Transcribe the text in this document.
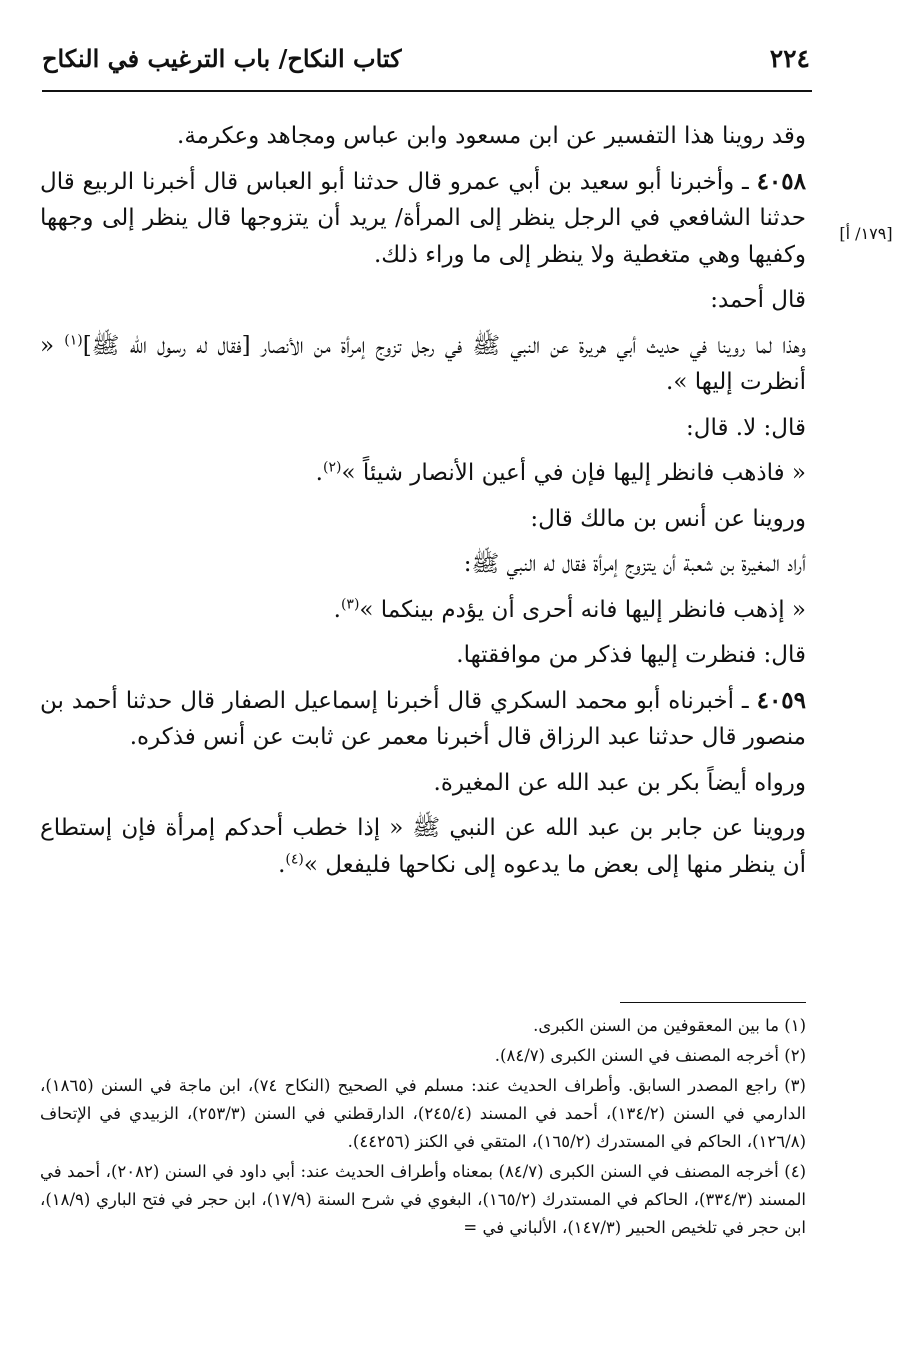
٢٢٤
كتاب النكاح/ باب الترغيب في النكاح
[١٧٩/ أ]

وقد روينا هذا التفسير عن ابن مسعود وابن عباس ومجاهد وعكرمة.

٤٠٥٨ ـ وأخبرنا أبو سعيد بن أبي عمرو قال حدثنا أبو العباس قال أخبرنا الربيع قال حدثنا الشافعي في الرجل ينظر إلى المرأة/ يريد أن يتزوجها قال ينظر إلى وجهها وكفيها وهي متغطية ولا ينظر إلى ما وراء ذلك.

قال أحمد:

وهذا لما روينا في حديث أبي هريرة عن النبي ﷺ في رجل تزوج إمرأة من الأنصار [فقال له رسول الله ﷺ]$^{(١)}$ « أنظرت إليها ».

قال: لا. قال:

« فاذهب فانظر إليها فإن في أعين الأنصار شيئاً »$^{(٢)}$.

وروينا عن أنس بن مالك قال:

أراد المغيرة بن شعبة أن يتزوج إمرأة فقال له النبي ﷺ:

« إذهب فانظر إليها فانه أحرى أن يؤدم بينكما »$^{(٣)}$.

قال: فنظرت إليها فذكر من موافقتها.

٤٠٥٩ ـ أخبرناه أبو محمد السكري قال أخبرنا إسماعيل الصفار قال حدثنا أحمد بن منصور قال حدثنا عبد الرزاق قال أخبرنا معمر عن ثابت عن أنس فذكره.

ورواه أيضاً بكر بن عبد الله عن المغيرة.

وروينا عن جابر بن عبد الله عن النبي ﷺ « إذا خطب أحدكم إمرأة فإن إستطاع أن ينظر منها إلى بعض ما يدعوه إلى نكاحها فليفعل »$^{(٤)}$.

(١) ما بين المعقوفين من السنن الكبرى.

(٢) أخرجه المصنف في السنن الكبرى (٨٤/٧).

(٣) راجع المصدر السابق. وأطراف الحديث عند: مسلم في الصحيح (النكاح ٧٤)، ابن ماجة في السنن (١٨٦٥)، الدارمي في السنن (١٣٤/٢)، أحمد في المسند (٢٤٥/٤)، الدارقطني في السنن (٢٥٣/٣)، الزبيدي في الإتحاف (١٢٦/٨)، الحاكم في المستدرك (١٦٥/٢)، المتقي في الكنز (٤٤٢٥٦).

(٤) أخرجه المصنف في السنن الكبرى (٨٤/٧) بمعناه وأطراف الحديث عند: أبي داود في السنن (٢٠٨٢)، أحمد في المسند (٣٣٤/٣)، الحاكم في المستدرك (١٦٥/٢)، البغوي في شرح السنة (١٧/٩)، ابن حجر في فتح الباري (١٨/٩)، ابن حجر في تلخيص الحبير (١٤٧/٣)، الألباني في =
